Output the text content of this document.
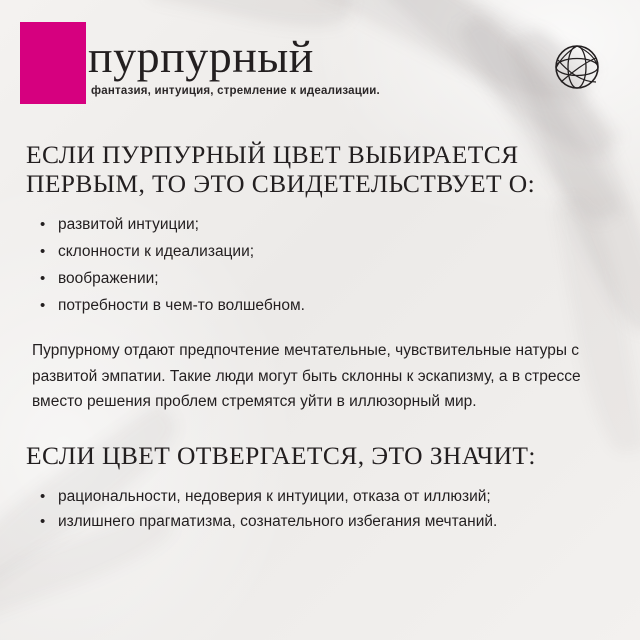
пурпурный
фантазия, интуиция, стремление к идеализации.
ЕСЛИ ПУРПУРНЫЙ ЦВЕТ ВЫБИРАЕТСЯ ПЕРВЫМ, ТО ЭТО СВИДЕТЕЛЬСТВУЕТ О:
• развитой интуиции;
• склонности к идеализации;
• воображении;
• потребности в чем-то волшебном.

Пурпурному отдают предпочтение мечтательные, чувствительные натуры с развитой эмпатии. Такие люди могут быть склонны к эскапизму, а в стрессе вместо решения проблем стремятся уйти в иллюзорный мир.

ЕСЛИ ЦВЕТ ОТВЕРГАЕТСЯ, ЭТО ЗНАЧИТ:
• рациональности, недоверия к интуиции, отказа от иллюзий;
• излишнего прагматизма, сознательного избегания мечтаний.
